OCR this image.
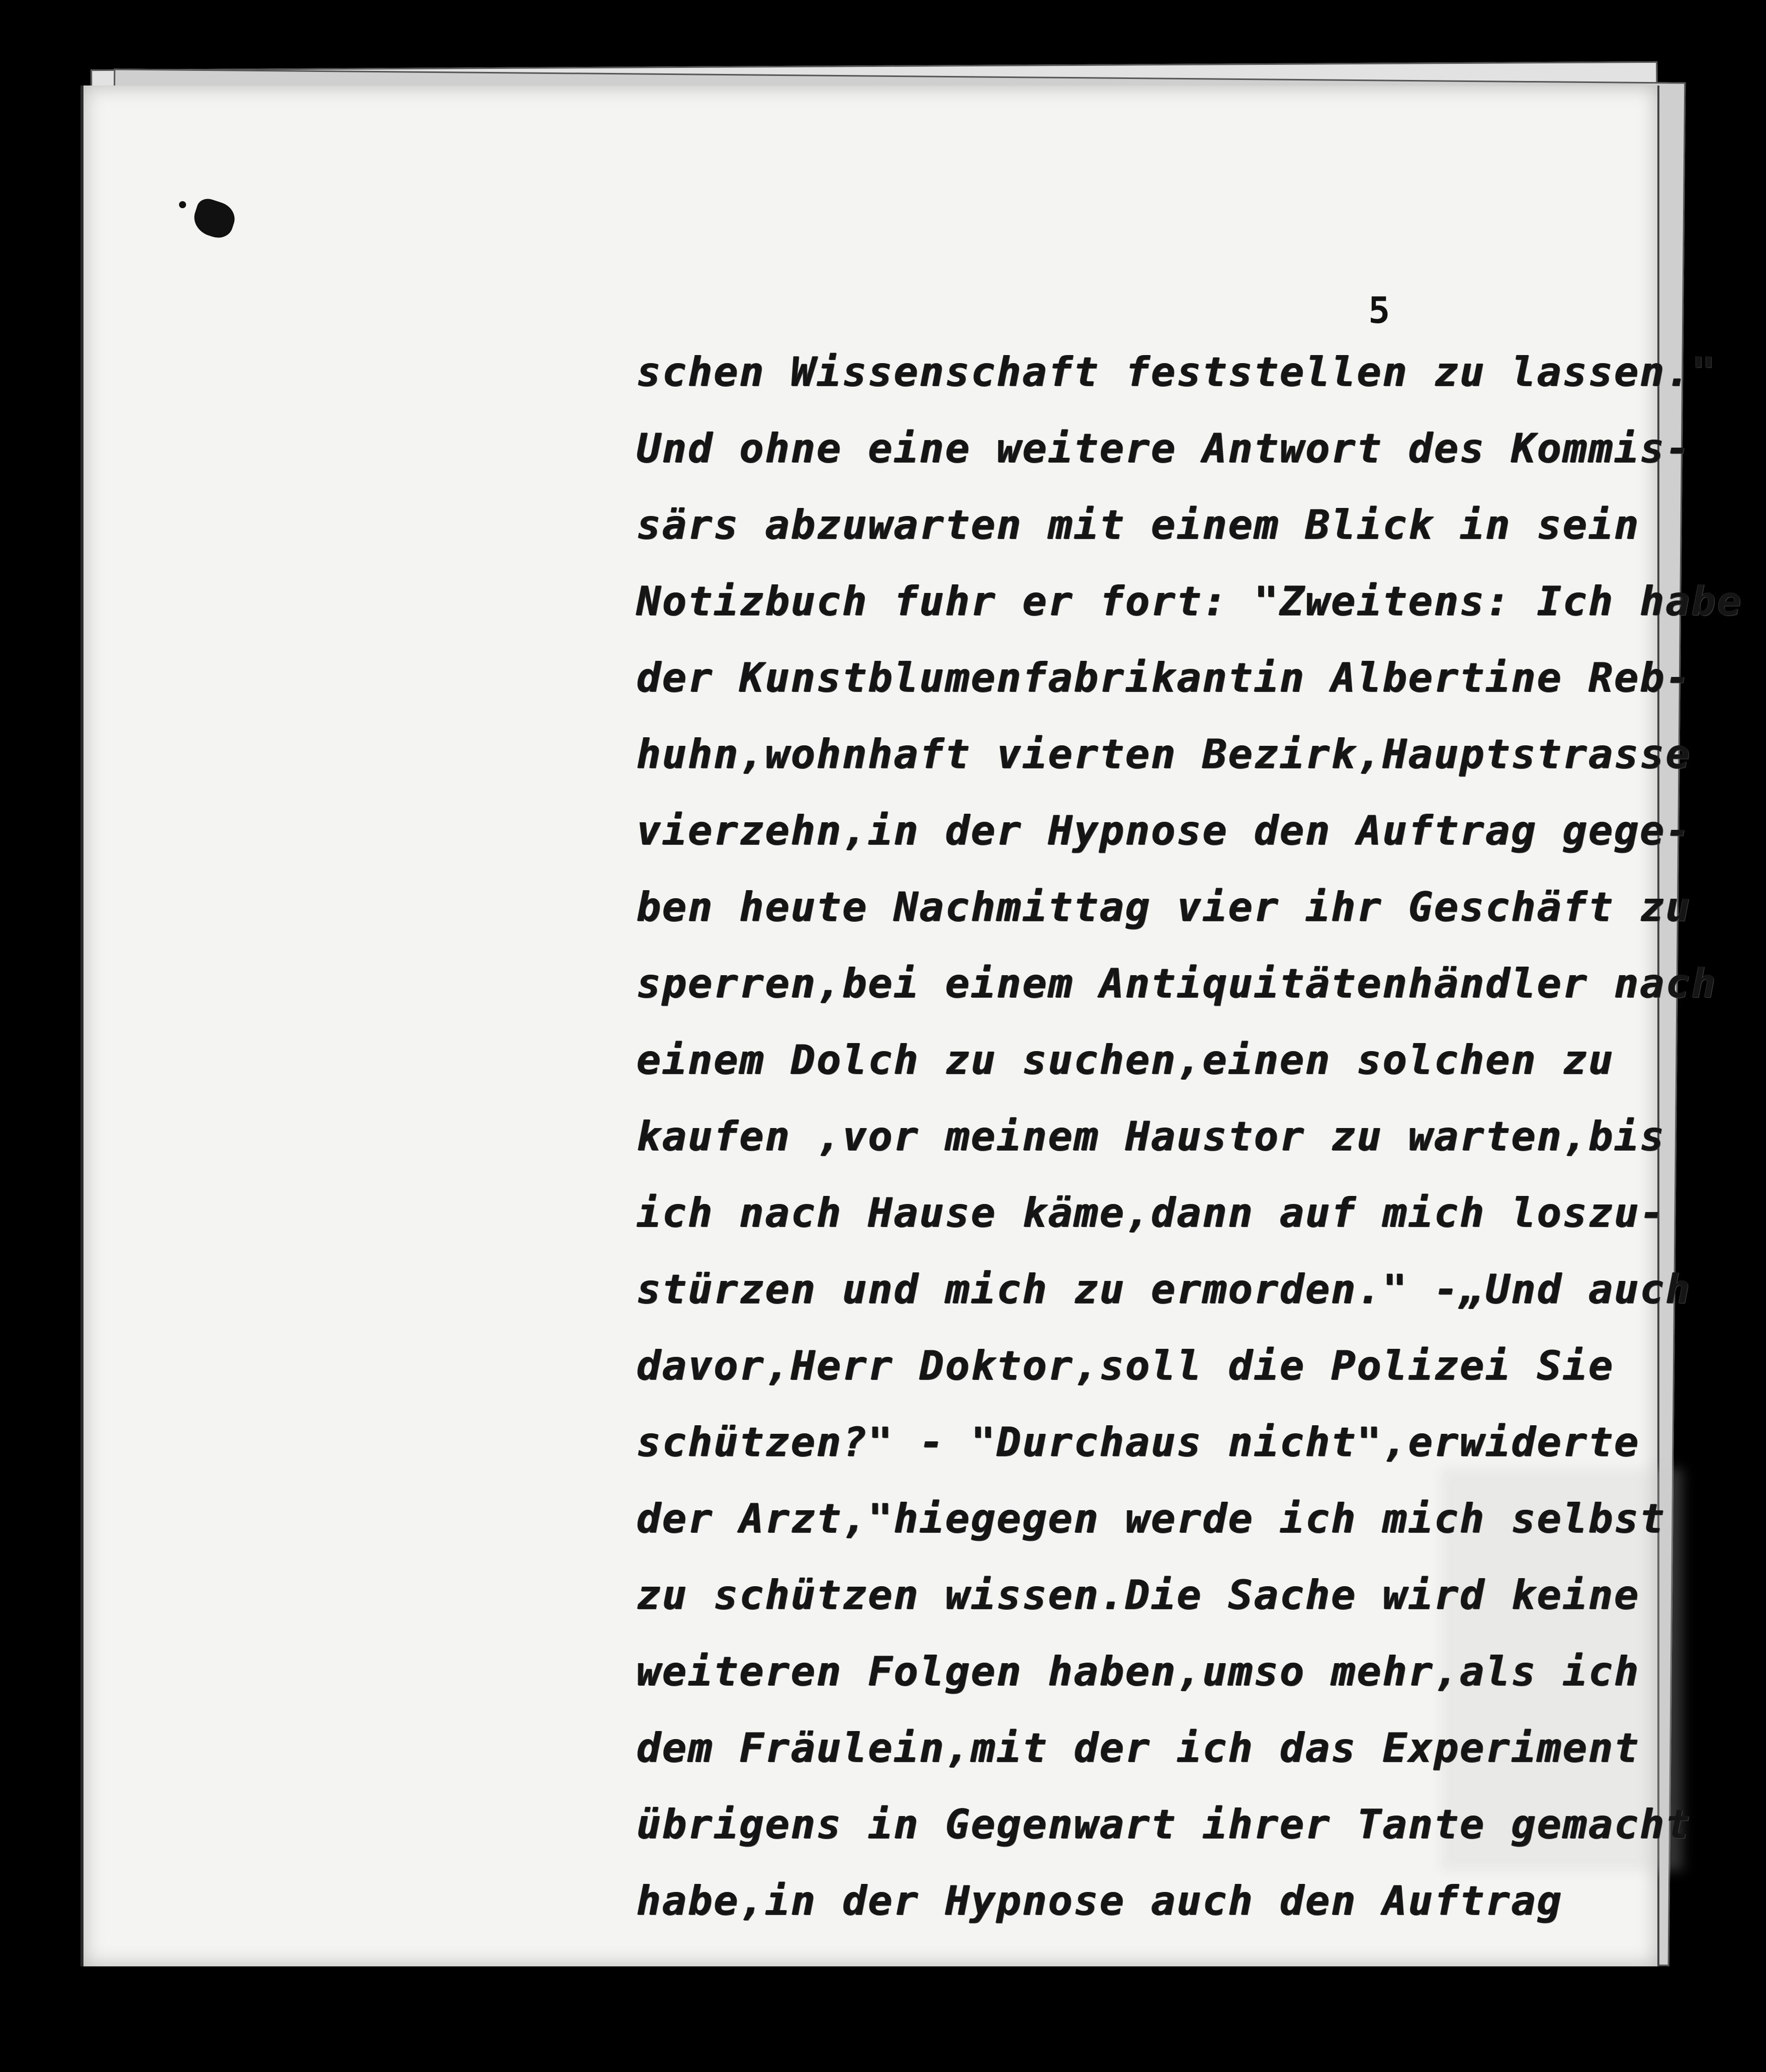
5
schen Wissenschaft feststellen zu lassen."
Und ohne eine weitere Antwort des Kommis-
särs abzuwarten mit einem Blick in sein
Notizbuch fuhr er fort: "Zweitens: Ich habe
der Kunstblumenfabrikantin Albertine Reb-
huhn,wohnhaft vierten Bezirk,Hauptstrasse
vierzehn,in der Hypnose den Auftrag gege-
ben heute Nachmittag vier ihr Geschäft zu
sperren,bei einem Antiquitätenhändler nach
einem Dolch zu suchen,einen solchen zu
kaufen ,vor meinem Haustor zu warten,bis
ich nach Hause käme,dann auf mich loszu-
stürzen und mich zu ermorden." -„Und auch
davor,Herr Doktor,soll die Polizei Sie
schützen?" - "Durchaus nicht",erwiderte
der Arzt,"hiegegen werde ich mich selbst
zu schützen wissen.Die Sache wird keine
weiteren Folgen haben,umso mehr,als ich
dem Fräulein,mit der ich das Experiment
übrigens in Gegenwart ihrer Tante gemacht
habe,in der Hypnose auch den Auftrag
